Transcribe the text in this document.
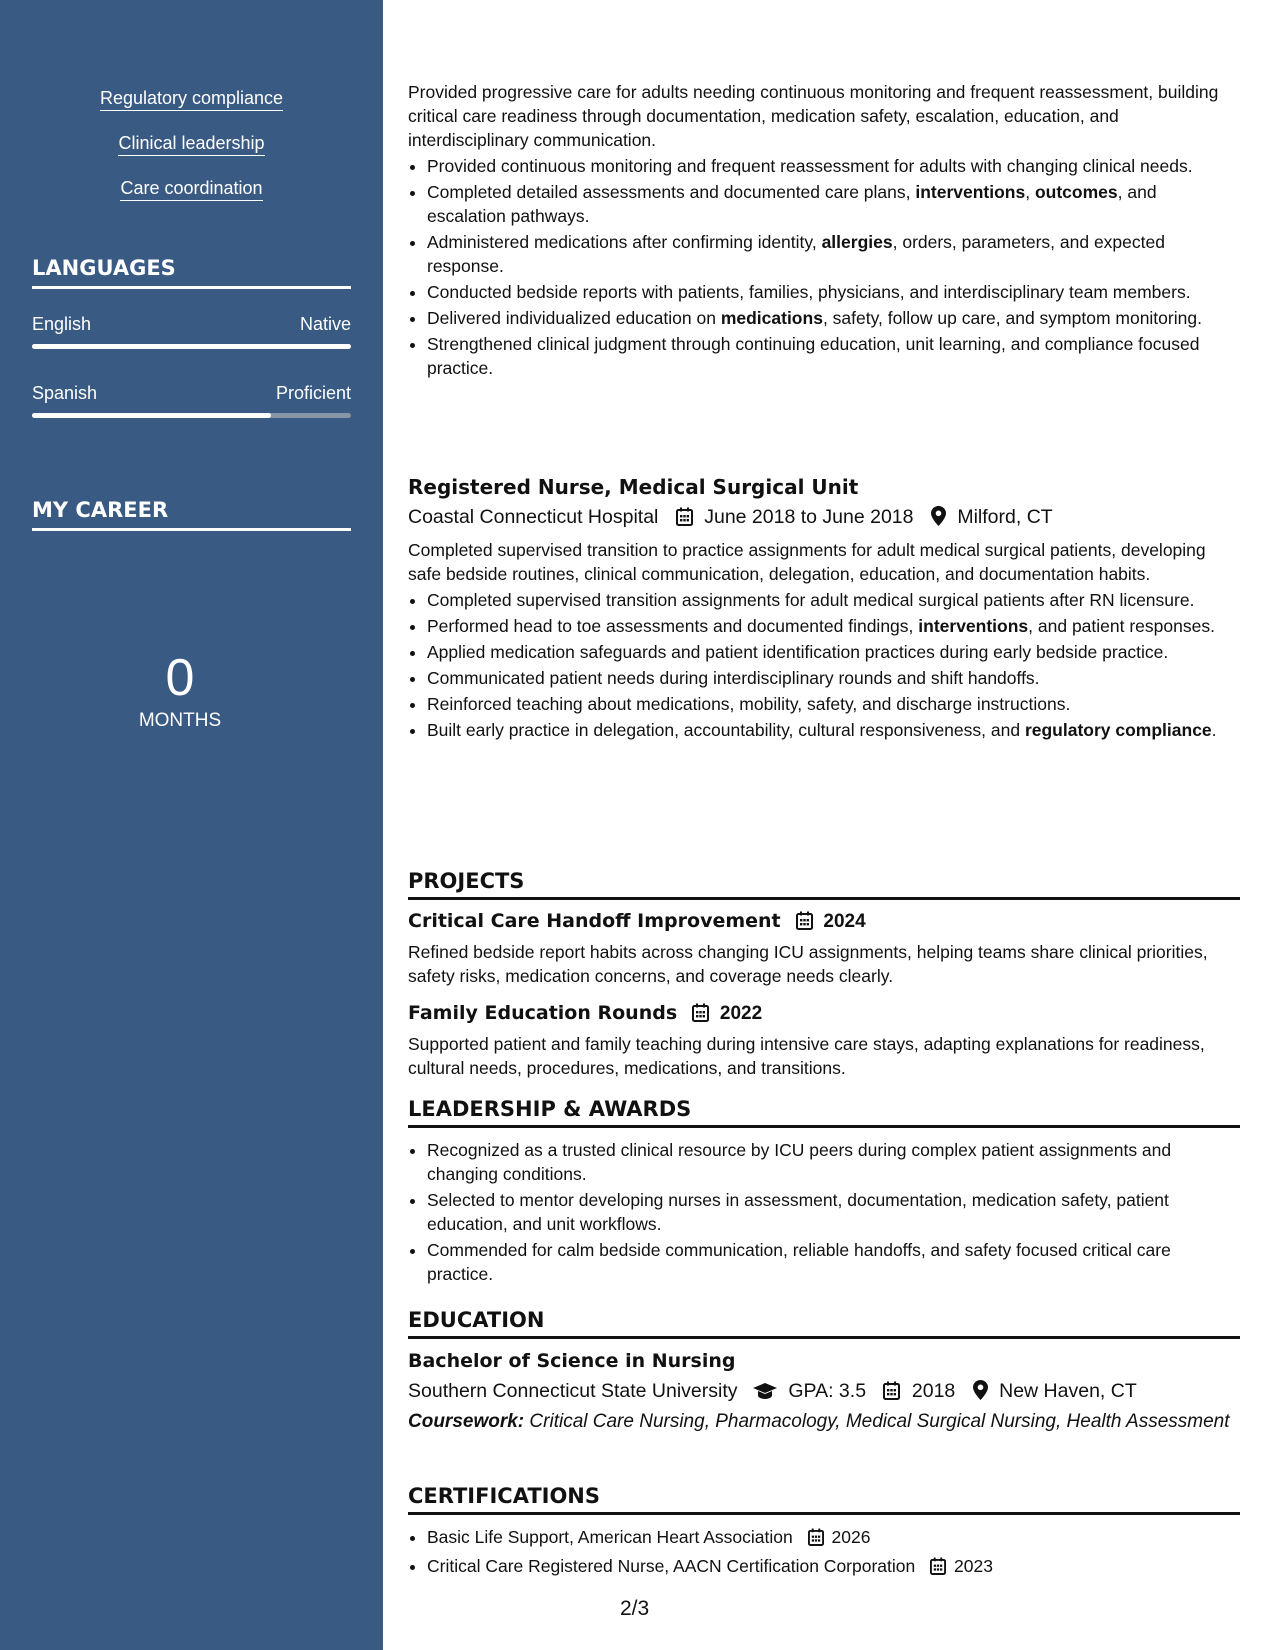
Regulatory compliance
Clinical leadership
Care coordination
LANGUAGES
English	Native
Spanish	Proficient
MY CAREER
0
MONTHS

Provided progressive care for adults needing continuous monitoring and frequent reassessment, building critical care readiness through documentation, medication safety, escalation, education, and interdisciplinary communication.

• Provided continuous monitoring and frequent reassessment for adults with changing clinical needs.
• Completed detailed assessments and documented care plans, interventions, outcomes, and escalation pathways.
• Administered medications after confirming identity, allergies, orders, parameters, and expected response.
• Conducted bedside reports with patients, families, physicians, and interdisciplinary team members.
• Delivered individualized education on medications, safety, follow up care, and symptom monitoring.
• Strengthened clinical judgment through continuing education, unit learning, and compliance focused practice.
Registered Nurse, Medical Surgical Unit
Coastal Connecticut Hospital June 2018 to June 2018 Milford, CT

Completed supervised transition to practice assignments for adult medical surgical patients, developing safe bedside routines, clinical communication, delegation, education, and documentation habits.

• Completed supervised transition assignments for adult medical surgical patients after RN licensure.
• Performed head to toe assessments and documented findings, interventions, and patient responses.
• Applied medication safeguards and patient identification practices during early bedside practice.
• Communicated patient needs during interdisciplinary rounds and shift handoffs.
• Reinforced teaching about medications, mobility, safety, and discharge instructions.
• Built early practice in delegation, accountability, cultural responsiveness, and regulatory compliance.
PROJECTS
Critical Care Handoff Improvement 2024

Refined bedside report habits across changing ICU assignments, helping teams share clinical priorities, safety risks, medication concerns, and coverage needs clearly.

Family Education Rounds 2022

Supported patient and family teaching during intensive care stays, adapting explanations for readiness, cultural needs, procedures, medications, and transitions.

LEADERSHIP & AWARDS
• Recognized as a trusted clinical resource by ICU peers during complex patient assignments and changing conditions.
• Selected to mentor developing nurses in assessment, documentation, medication safety, patient education, and unit workflows.
• Commended for calm bedside communication, reliable handoffs, and safety focused critical care practice.
EDUCATION
Bachelor of Science in Nursing
Southern Connecticut State University	GPA: 3.5 2018 New Haven, CT

Coursework: Critical Care Nursing, Pharmacology, Medical Surgical Nursing, Health Assessment

CERTIFICATIONS
• Basic Life Support, American Heart Association 2026
• Critical Care Registered Nurse, AACN Certification Corporation 2023
2/3
